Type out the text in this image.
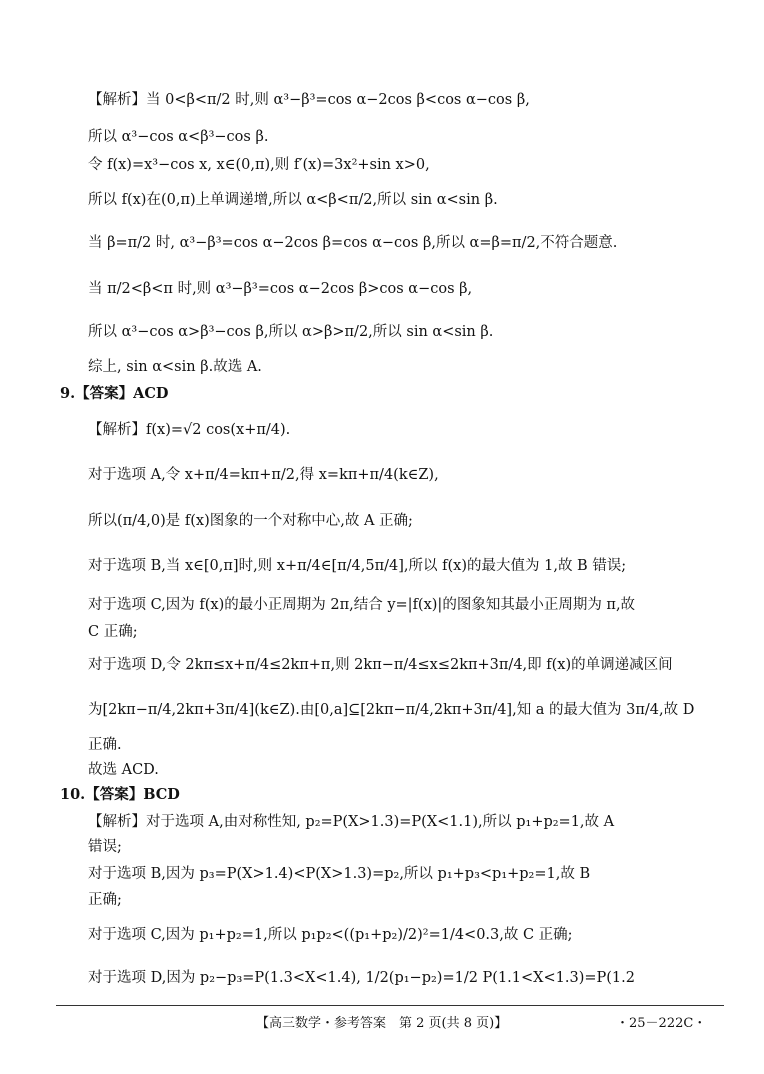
【解析】当 0<β<π/2 时,则 α³−β³=cos α−2cos β<cos α−cos β,
所以 α³−cos α<β³−cos β.
令 f(x)=x³−cos x, x∈(0,π),则 f′(x)=3x²+sin x>0,
所以 f(x)在(0,π)上单调递增,所以 α<β<π/2,所以 sin α<sin β.
当 β=π/2 时, α³−β³=cos α−2cos β=cos α−cos β,所以 α=β=π/2,不符合题意.
当 π/2<β<π 时,则 α³−β³=cos α−2cos β>cos α−cos β,
所以 α³−cos α>β³−cos β,所以 α>β>π/2,所以 sin α<sin β.
综上, sin α<sin β.故选 A.
9.【答案】ACD
【解析】f(x)=√2 cos(x+π/4).
对于选项 A,令 x+π/4=kπ+π/2,得 x=kπ+π/4(k∈Z),
所以(π/4,0)是 f(x)图象的一个对称中心,故 A 正确;
对于选项 B,当 x∈[0,π]时,则 x+π/4∈[π/4,5π/4],所以 f(x)的最大值为 1,故 B 错误;
对于选项 C,因为 f(x)的最小正周期为 2π,结合 y=|f(x)|的图象知其最小正周期为 π,故
C 正确;
对于选项 D,令 2kπ≤x+π/4≤2kπ+π,则 2kπ−π/4≤x≤2kπ+3π/4,即 f(x)的单调递减区间
为[2kπ−π/4,2kπ+3π/4](k∈Z).由[0,a]⊆[2kπ−π/4,2kπ+3π/4],知 a 的最大值为 3π/4,故 D
正确.
故选 ACD.
10.【答案】BCD
【解析】对于选项 A,由对称性知, p₂=P(X>1.3)=P(X<1.1),所以 p₁+p₂=1,故 A
错误;
对于选项 B,因为 p₃=P(X>1.4)<P(X>1.3)=p₂,所以 p₁+p₃<p₁+p₂=1,故 B
正确;
对于选项 C,因为 p₁+p₂=1,所以 p₁p₂<((p₁+p₂)/2)²=1/4<0.3,故 C 正确;
对于选项 D,因为 p₂−p₃=P(1.3<X<1.4), 1/2(p₁−p₂)=1/2 P(1.1<X<1.3)=P(1.2
【高三数学・参考答案　第 2 页(共 8 页)】	・25－222C・
